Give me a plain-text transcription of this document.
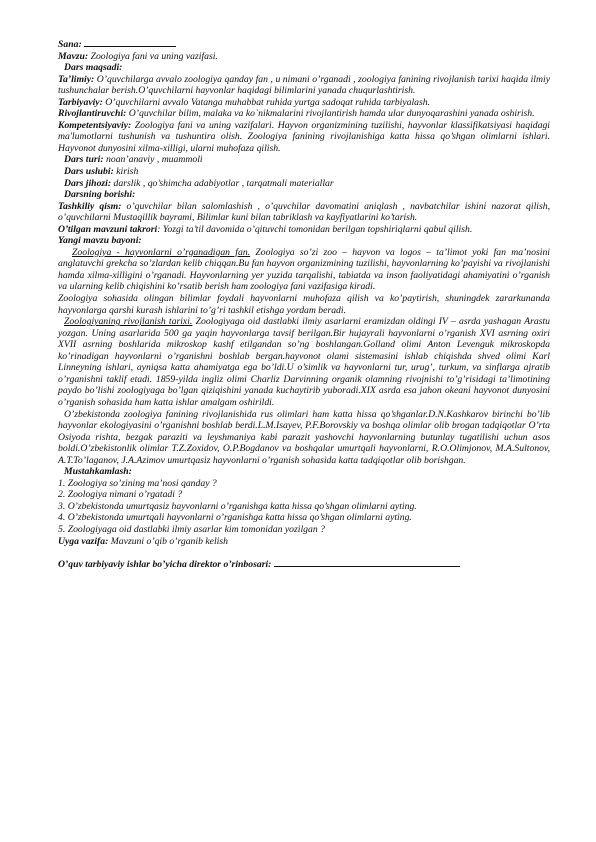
Sana:
Mavzu: Zoologiya fani va uning vazifasi.
Dars maqsadi:

Ta’limiy: O’quvchilarga avvalo zoologiya qanday fan , u nimani o’rganadi , zoologiya fanining rivojlanish tarixi haqida ilmiy tushunchalar berish.O’quvchilarni hayvonlar haqidagi bilimlarini yanada chuqurlashtirish.

Tarbiyaviy: O’quvchilarni avvalo Vatanga muhabbat ruhida yurtga sadoqat ruhida tarbiyalash.

Rivojlantiruvchi: O’quvchilar bilim, malaka va ko`nikmalarini rivojlantirish hamda ular dunyoqarashini yanada oshirish.

Kompetentsiyaviy: Zoologiya fani va uning vazifalari. Hayvon organizmining tuzilishi, hayvonlar klassifikatsiyasi haqidagi ma'lumotlarni tushunish va tushuntira olish. Zoologiya fanining rivojlanishiga katta hissa qo’shgan olimlarni ishlari. Hayvonot dunyosini xilma-xilligi, ularni muhofaza qilish.

Dars turi: noan’anaviy , muammoli
Dars uslubi: kirish
Dars jihozi: darslik , qo’shimcha adabiyotlar , tarqatmali materiallar
Darsning borishi:

Tashkiliy qism: o’quvchilar bilan salomlashish , o’quvchilar davomatini aniqlash , navbatchilar ishini nazorat qilish, o’quvchilarni Mustaqillik bayrami, Bilimlar kuni bilan tabriklash va kayfiyatlarini ko’tarish.

O’tilgan mavzuni takrori: Yozgi ta’til davomida o’qituvchi tomonidan berilgan topshiriqlarni qabul qilish.

Yangi mavzu bayoni:

Zoologiya - hayvonlarni o’rganadigan fan. Zoologiya so’zi zoo – hayvon va logos – ta’limot yoki fan ma’nosini anglatuvchi grekcha so’zlardan kelib chiqqan.Bu fan hayvon organizmining tuzilishi, hayvonlarning ko’payishi va rivojlanishi hamda xilma-xilligini o’rganadi. Hayvonlarning yer yuzida tarqalishi, tabiatda va inson faoliyatidagi ahamiyatini o’rganish va ularning kelib chiqishini ko’rsatib berish ham zoologiya fani vazifasiga kiradi.

Zoologiya sohasida olingan bilimlar foydali hayvonlarni muhofaza qilish va ko’paytirish, shuningdek zararkunanda hayvonlarga qarshi kurash ishlarini to’g’ri tashkil etishga yordam beradi.

Zoologiyaning rivojlanish tarixi. Zoologiyaga oid dastlabki ilmiy asarlarni eramizdan oldingi IV – asrda yashagan Arastu yozgan. Uning asarlarida 500 ga yaqin hayvonlarga tavsif berilgan.Bir hujayrali hayvonlarni o’rganish XVI asrning oxiri XVII asrning boshlarida mikroskop kashf etilgandan so’ng boshlangan.Golland olimi Anton Levenguk mikroskopda ko’rinadigan hayvonlarni o’rganishni boshlab bergan.hayvonot olami sistemasini ishlab chiqishda shved olimi Karl Linneyning ishlari, ayniqsa katta ahamiyatga ega bo’ldi.U o’simlik va hayvonlarni tur, urug’, turkum, va sinflarga ajratib o’rganishni taklif etadi. 1859-yilda ingliz olimi Charliz Darvinning organik olamning rivojnishi to’g’risidagi ta’limotining paydo bo’lishi zoologiyaga bo’lgan qiziqishini yanada kuchaytirib yuboradi.XIX asrda esa jahon okeani hayvonot dunyosini o’rganish sohasida ham katta ishlar amalgam oshirildi.

O’zbekistonda zoologiya fanining rivojlanishida rus olimlari ham katta hissa qo’shganlar.D.N.Kashkarov birinchi bo’lib hayvonlar ekologiyasini o’rganishni boshlab berdi.L.M.Isayev, P.F.Borovskiy va boshqa olimlar olib brogan tadqiqotlar O’rta Osiyoda rishta, bezgak paraziti va leyshmaniya kabi parazit yashovchi hayvonlarning butunlay tugatilishi uchun asos boldi.O’zbekistonlik olimlar T.Z.Zoxidov, O.P.Bogdanov va boshqalar umurtqali hayvonlarni, R.O.Olimjonov, M.A.Sultonov, A.T.To’laganov, J.A.Azimov umurtqasiz hayvonlarni o’rganish sohasida katta tadqiqotlar olib borishgan.

Mustahkamlash:
1. Zoologiya so’zining ma’nosi qanday ?
2. Zoologiya nimani o’rgatadi ?
3. O’zbekistonda umurtqasiz hayvonlarni o’rganishga katta hissa qo’shgan olimlarni ayting.
4. O’zbekistonda umurtqali hayvonlarni o’rganishga katta hissa qo’shgan olimlarni ayting.
5. Zoologiyaga oid dastlabki ilmiy asarlar kim tomonidan yozilgan ?
Uyga vazifa: Mavzuni o’qib o’rganib kelish
O’quv tarbiyaviy ishlar bo’yicha direktor o’rinbosari:
